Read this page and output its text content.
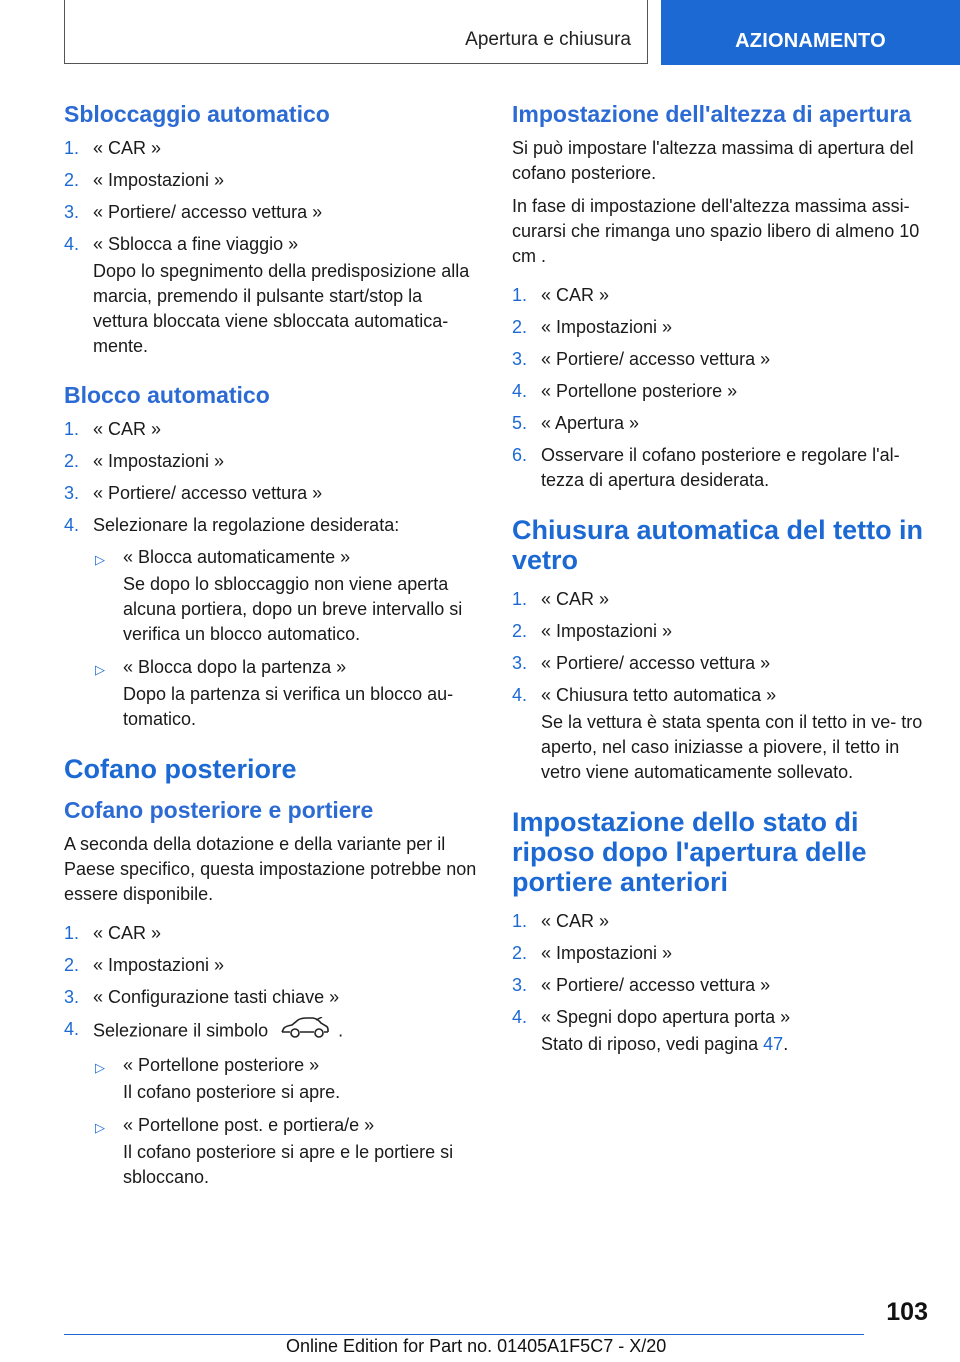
Apertura e chiusura	AZIONAMENTO
Sbloccaggio automatico
1. « CAR »
2. « Impostazioni »
3. « Portiere/ accesso vettura »
4. « Sblocca a fine viaggio »

Dopo lo spegnimento della predisposizione alla marcia, premendo il pulsante start/stop la vettura bloccata viene sbloccata automatica‐ mente.

Blocco automatico
1. « CAR »
2. « Impostazioni »
3. « Portiere/ accesso vettura »
4. Selezionare la regolazione desiderata:
▷ « Blocca automaticamente »

Se dopo lo sbloccaggio non viene aperta alcuna portiera, dopo un breve intervallo si verifica un blocco automatico.

▷ « Blocca dopo la partenza »

Dopo la partenza si verifica un blocco au‐ tomatico.

Cofano posteriore
Cofano posteriore e portiere

A seconda della dotazione e della variante per il Paese specifico, questa impostazione potrebbe non essere disponibile.

1. « CAR »
2. « Impostazioni »
3. « Configurazione tasti chiave »
4. Selezionare il simbolo	.
▷ « Portellone posteriore »

Il cofano posteriore si apre.

▷ « Portellone post. e portiera/e »

Il cofano posteriore si apre e le portiere si sbloccano.

Impostazione dell'altezza di apertura

Si può impostare l'altezza massima di apertura del cofano posteriore.

In fase di impostazione dell'altezza massima assi‐ curarsi che rimanga uno spazio libero di almeno 10 cm .

1. « CAR »
2. « Impostazioni »
3. « Portiere/ accesso vettura »
4. « Portellone posteriore »
5. « Apertura »
6. Osservare il cofano posteriore e regolare l'al‐ tezza di apertura desiderata.
Chiusura automatica del tetto in vetro
1. « CAR »
2. « Impostazioni »
3. « Portiere/ accesso vettura »
4. « Chiusura tetto automatica »

Se la vettura è stata spenta con il tetto in ve‐ tro aperto, nel caso iniziasse a piovere, il tetto in vetro viene automaticamente sollevato.

Impostazione dello stato di riposo dopo l'apertura delle portiere anteriori
1. « CAR »
2. « Impostazioni »
3. « Portiere/ accesso vettura »
4. « Spegni dopo apertura porta »

Stato di riposo, vedi pagina 47.

103
Online Edition for Part no. 01405A1F5C7 - X/20
